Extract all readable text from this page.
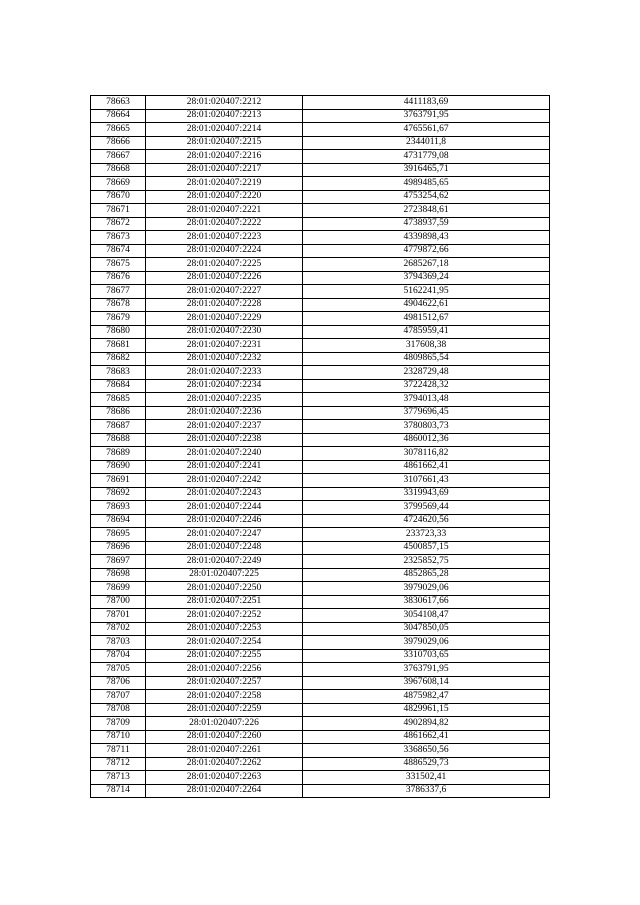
78663	28:01:020407:2212	4411183,69
78664	28:01:020407:2213	3763791,95
78665	28:01:020407:2214	4765561,67
78666	28:01:020407:2215	2344011,8
78667	28:01:020407:2216	4731779,08
78668	28:01:020407:2217	3916465,71
78669	28:01:020407:2219	4989485,65
78670	28:01:020407:2220	4753254,62
78671	28:01:020407:2221	2723848,61
78672	28:01:020407:2222	4738937,59
78673	28:01:020407:2223	4339898,43
78674	28:01:020407:2224	4779872,66
78675	28:01:020407:2225	2685267,18
78676	28:01:020407:2226	3794369,24
78677	28:01:020407:2227	5162241,95
78678	28:01:020407:2228	4904622,61
78679	28:01:020407:2229	4981512,67
78680	28:01:020407:2230	4785959,41
78681	28:01:020407:2231	317608,38
78682	28:01:020407:2232	4809865,54
78683	28:01:020407:2233	2328729,48
78684	28:01:020407:2234	3722428,32
78685	28:01:020407:2235	3794013,48
78686	28:01:020407:2236	3779696,45
78687	28:01:020407:2237	3780803,73
78688	28:01:020407:2238	4860012,36
78689	28:01:020407:2240	3078116,82
78690	28:01:020407:2241	4861662,41
78691	28:01:020407:2242	3107661,43
78692	28:01:020407:2243	3319943,69
78693	28:01:020407:2244	3799569,44
78694	28:01:020407:2246	4724620,56
78695	28:01:020407:2247	233723,33
78696	28:01:020407:2248	4500857,15
78697	28:01:020407:2249	2325852,75
78698	28:01:020407:225	4852865,28
78699	28:01:020407:2250	3979029,06
78700	28:01:020407:2251	3830617,66
78701	28:01:020407:2252	3054108,47
78702	28:01:020407:2253	3047850,05
78703	28:01:020407:2254	3979029,06
78704	28:01:020407:2255	3310703,65
78705	28:01:020407:2256	3763791,95
78706	28:01:020407:2257	3967608,14
78707	28:01:020407:2258	4875982,47
78708	28:01:020407:2259	4829961,15
78709	28:01:020407:226	4902894,82
78710	28:01:020407:2260	4861662,41
78711	28:01:020407:2261	3368650,56
78712	28:01:020407:2262	4886529,73
78713	28:01:020407:2263	331502,41
78714	28:01:020407:2264	3786337,6
